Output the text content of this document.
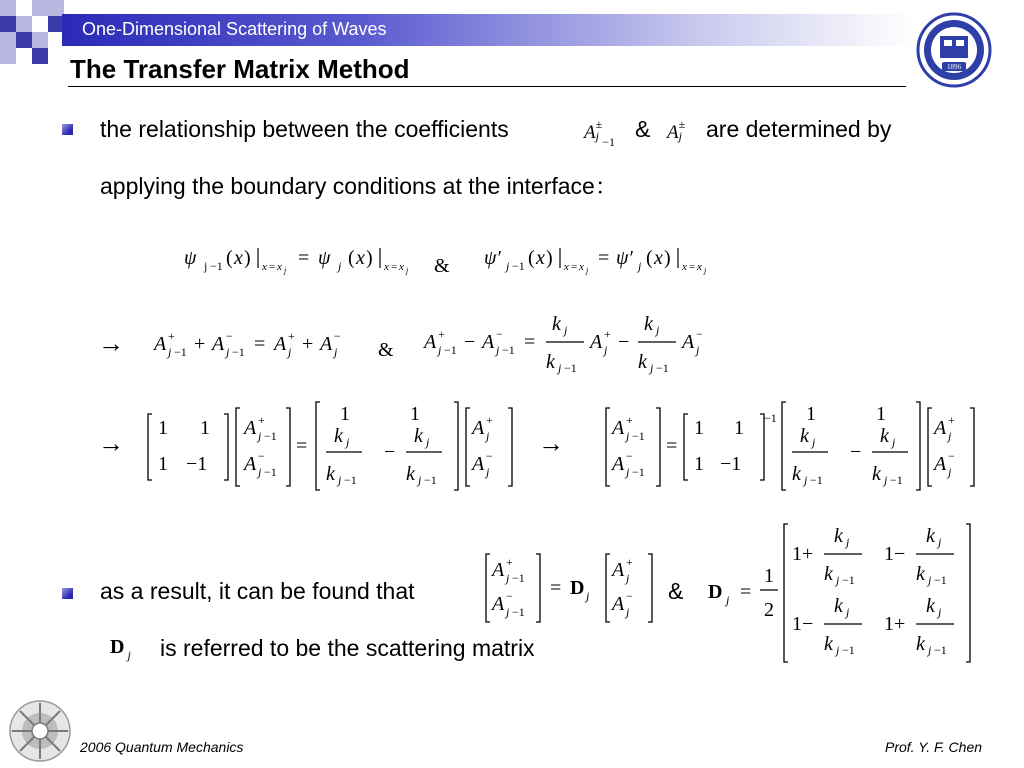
One-Dimensional Scattering of Waves
1896
The Transfer Matrix Method
the relationship between the coefficients	A ±
j $_{-1}$ & A ±
j are determined by
applying the boundary conditions at the interface：
ψ j −1 ( x ) x = x j
= ψ j ( x ) x = x j & ψ′ j −1 ( x ) x = x j
= ψ′ j ( x ) x = x j
→ A +
j −1 + A −
j −1 = A +
j + A −
j & A +
j −1 − A −
j −1 =
k j
k j −1
A +
j −
k j
k j −1
A −
j
→ 1 1
1 −1
A
A
A
A
+
j −1
−
j −1
+
j
−
j
=
1	1
k j
k j −1
−
k j
k j −1
→ A
A
A
A
+
j −1
−
j −1
+
j
−
j
=
1 1
1 −1
−1 1	1
k j
k j −1
−
k j
k j −1
as a result, it can be found that
A
A
A
A
+
j −1
−
j −1
+
j
−
j
= D j	& D j =
1
2
1+
k j
k j −1
1−
k j
k j −1
1−
k j
k j −1
1+
k j
k j −1
D $_j$ is referred to be the scattering matrix
2006 Quantum Mechanics	Prof. Y. F. Chen
